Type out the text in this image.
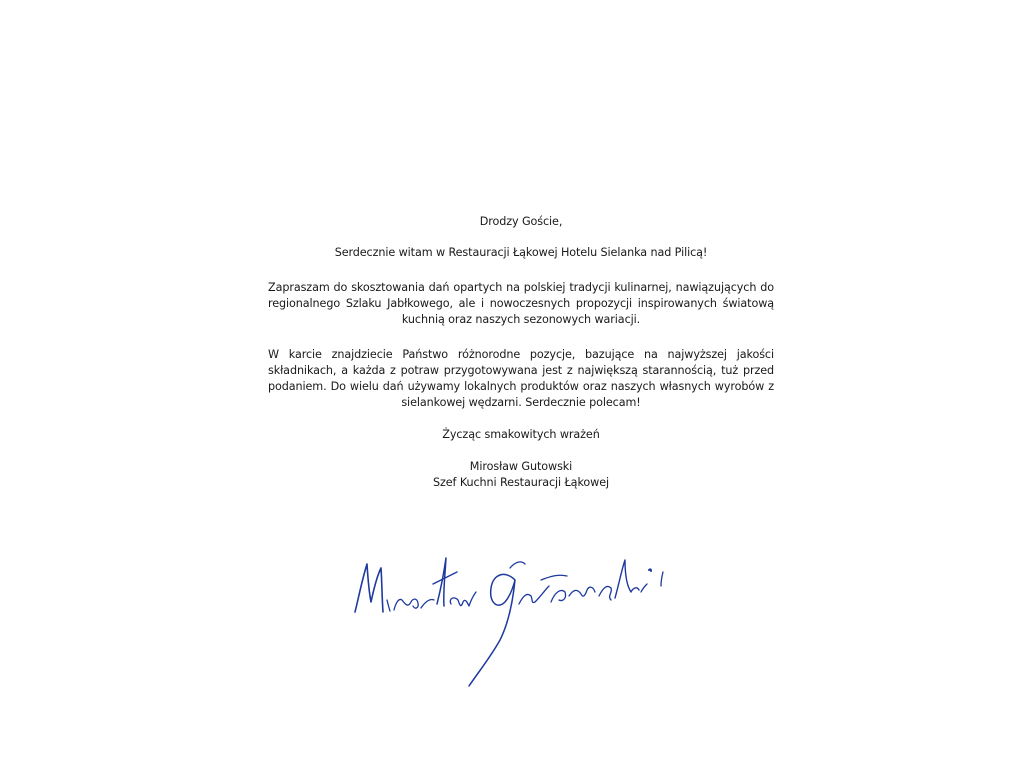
Drodzy Goście,

Serdecznie witam w Restauracji Łąkowej Hotelu Sielanka nad Pilicą!

Zapraszam do skosztowania dań opartych na polskiej tradycji kulinarnej, nawiązujących do regionalnego Szlaku Jabłkowego, ale i nowoczesnych propozycji inspirowanych światową kuchnią oraz naszych sezonowych wariacji.

W karcie znajdziecie Państwo różnorodne pozycje, bazujące na najwyższej jakości składnikach, a każda z potraw przygotowywana jest z największą starannością, tuż przed podaniem. Do wielu dań używamy lokalnych produktów oraz naszych własnych wyrobów z sielankowej wędzarni. Serdecznie polecam!

Życząc smakowitych wrażeń

Mirosław Gutowski

Szef Kuchni Restauracji Łąkowej
